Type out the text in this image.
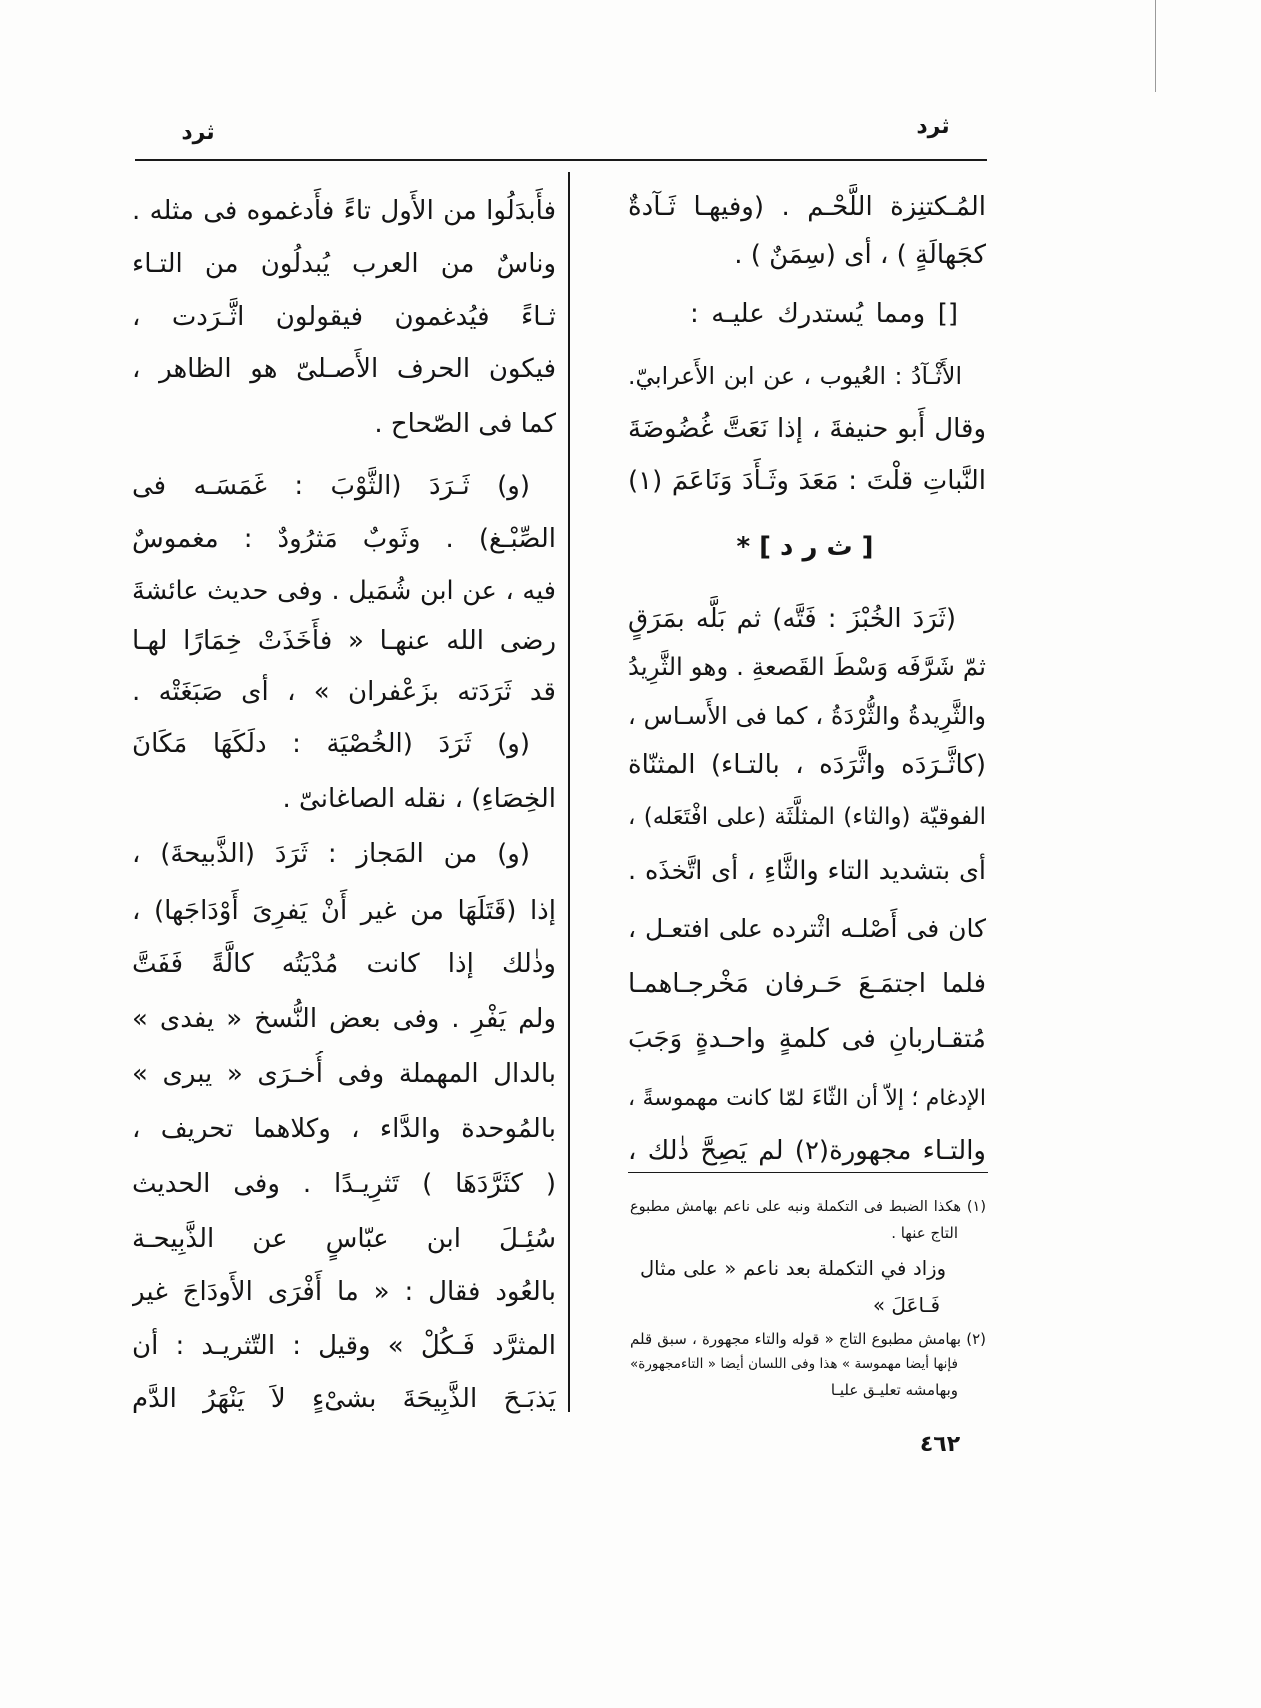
ثرد	ثرد
المُـكتنِزة اللَّحْـم . (وفيهـا ثَـآدةٌ
كجَهالَةٍ ) ، أى (سِمَنٌ ) .
[] ومما يُستدرك عليـه :
الأَثْـآدُ : العُيوب ، عن ابن الأَعرابيّ.
وقال أَبو حنيفةَ ، إذا نَعَتَّ غُضُوضَةَ
النَّباتِ قلْتَ : مَعَدَ وثَـأَدَ وَنَاعَمَ (١)
[ ث ر د ] *
(ثَرَدَ الخُبْزَ : فَتَّه) ثم بَلَّه بمَرَقٍ
ثمّ شَرَّفَه وَسْطَ القَصعةِ . وهو الثَّرِيدُ
والثَّرِيدةُ والثُّرْدَةُ ، كما فى الأَسـاس ،
(كاثَّـرَدَه واثَّرَدَه ، بالتـاء) المثنّاة
الفوقيّة (والثاء) المثلَّثَة (على افْتَعَله) ،
أى بتشديد التاء والثَّاءِ ، أى اتَّخذَه .
كان فى أَصْلـه اثْترده على افتعـل ،
فلما اجتمَـعَ حَـرفان مَخْرجـاهمـا
مُتقـاربانِ فى كلمةٍ واحـدةٍ وَجَبَ
الإدغام ؛ إلاّ أن الثّاءَ لمّا كانت مهموسةً ،
والتـاء مجهورة(٢) لم يَصِحَّ ذٰلك ،
(١) هكذا الضبط فى التكملة ونبه على ناعم بهامش مطبوع
التاج عنها .
وزاد في التكملة بعد ناعم « على مثال
فَـاعَلَ »
(٢) بهامش مطبوع التاج « قوله والتاء مجهورة ، سبق قلم
فإنها أيضا مهموسة » هذا وفى اللسان أيضا « التاءمجهورة»
وبهامشه تعليـق عليـا
فأَبدَلُوا من الأَول تاءً فأَدغموه فى مثله .
وناسٌ من العرب يُبدلُون من التـاء
ثـاءً فيُدغمون فيقولون اثَّـرَدت ،
فيكون الحرف الأَصـلىّ هو الظاهر ،
كما فى الصّحاح .
(و) ثَـرَدَ (الثَّوْبَ : غَمَسَـه فى
الصِّبْـغ) . وثَوبٌ مَثرُودٌ : مغموسٌ
فيه ، عن ابن شُمَيل . وفى حديث عائشةَ
رضى الله عنهـا « فأَخَذَتْ خِمَارًا لهـا
قد ثَرَدَته بزَعْفران » ، أى صَبَغَتْه .
(و) ثَرَدَ (الخُصْيَة : دلَكَهَا مَكَانَ
الخِصَاءِ) ، نقله الصاغانىّ .
(و) من المَجاز : ثَرَدَ (الذَّبيحةَ) ،
إذا (قَتَلَهَا من غير أَنْ يَفرِىَ أَوْدَاجَها) ،
وذٰلك إذا كانت مُدْيَتُه كالَّةً فَفَتَّ
ولم يَفْرِ . وفى بعض النُّسخ « يفدى »
بالدال المهملة وفى أُخـرَى « يبرى »
بالمُوحدة والدَّاء ، وكلاهما تحريف ،
( كثَرَّدَهَا ) تَثرِيـدًا . وفى الحديث
سُئِـلَ ابن عبّاسٍ عن الذَّبِيحـة
بالعُود فقال : « ما أَفْرَى الأَودَاجَ غير
المثرَّد فَـكُلْ » وقيل : التّثريـد : أن
يَذبَـحَ الذَّبِيحَةَ بشىْءٍ لاَ يَنْهَرُ الدَّم
٤٦٢
